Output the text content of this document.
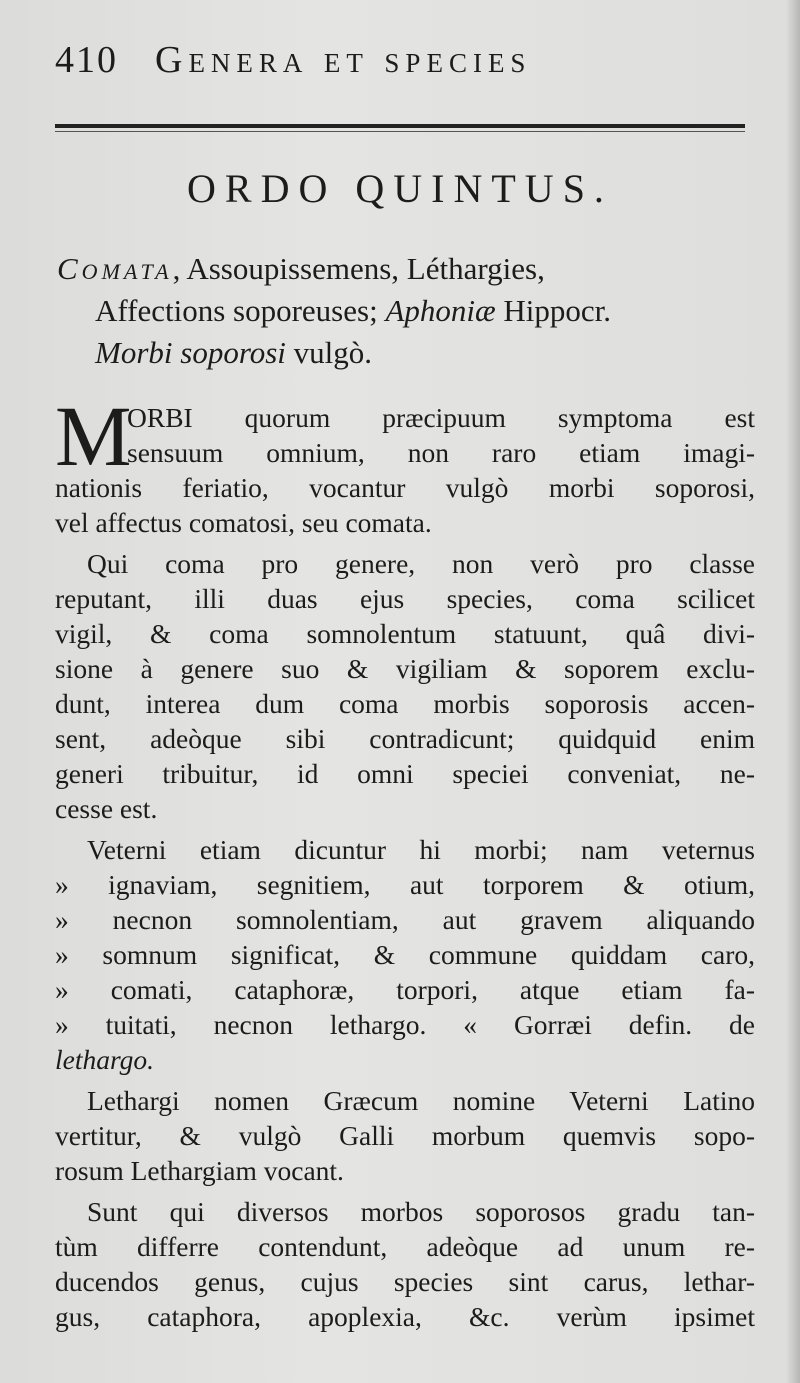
410 Genera et species
ORDO QUINTUS.
Comata, Assoupissemens, Léthargies,
Affections soporeuses; Aphoniæ Hippocr.
Morbi soporosi vulgò.
M
ORBI quorum præcipuum symptoma est
sensuum omnium, non raro etiam imagi-
nationis feriatio, vocantur vulgò morbi soporosi,
vel affectus comatosi, seu comata.
Qui coma pro genere, non verò pro classe
reputant, illi duas ejus species, coma scilicet
vigil, & coma somnolentum statuunt, quâ divi-
sione à genere suo & vigiliam & soporem exclu-
dunt, interea dum coma morbis soporosis accen-
sent, adeòque sibi contradicunt; quidquid enim
generi tribuitur, id omni speciei conveniat, ne-
cesse est.
Veterni etiam dicuntur hi morbi; nam veternus
» ignaviam, segnitiem, aut torporem & otium,
» necnon somnolentiam, aut gravem aliquando
» somnum significat, & commune quiddam caro,
» comati, cataphoræ, torpori, atque etiam fa-
» tuitati, necnon lethargo. « Gorræi defin. de
lethargo.
Lethargi nomen Græcum nomine Veterni Latino
vertitur, & vulgò Galli morbum quemvis sopo-
rosum Lethargiam vocant.
Sunt qui diversos morbos soporosos gradu tan-
tùm differre contendunt, adeòque ad unum re-
ducendos genus, cujus species sint carus, lethar-
gus, cataphora, apoplexia, &c. verùm ipsimet
